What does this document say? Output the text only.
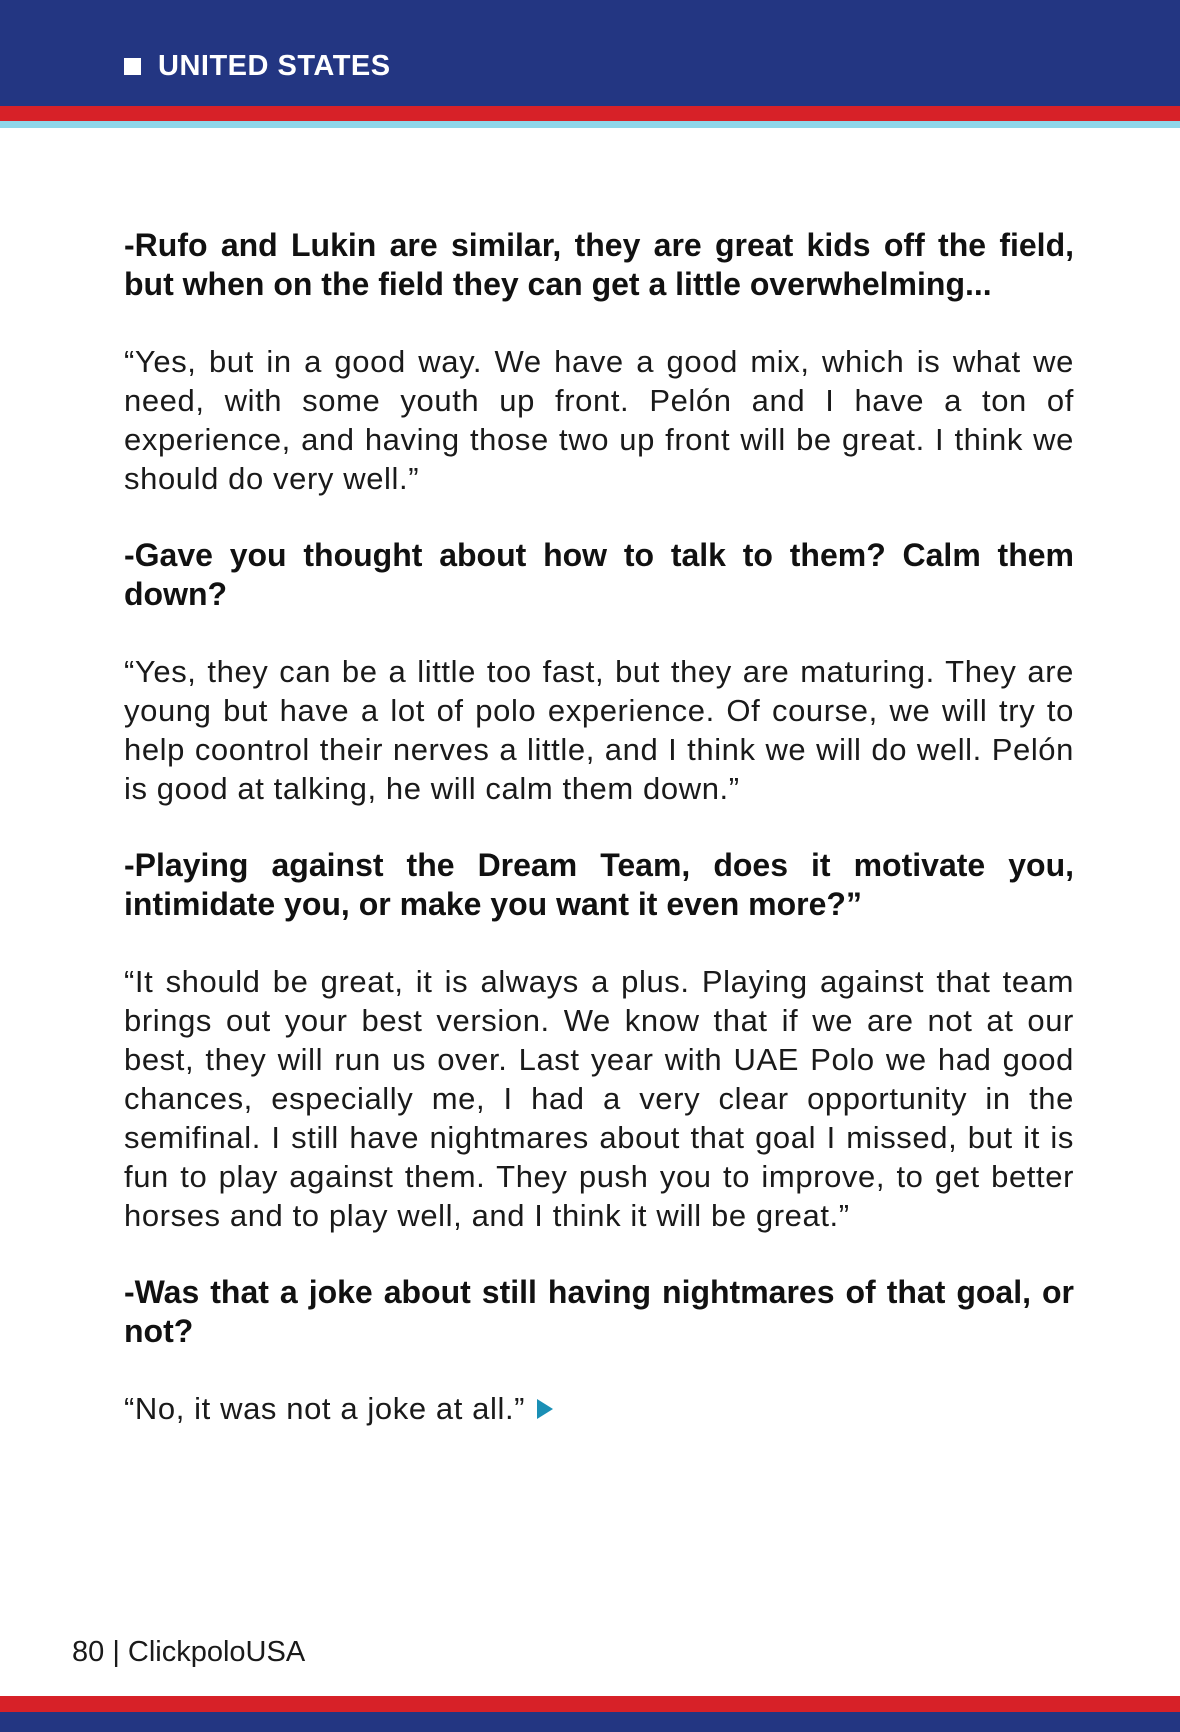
UNITED STATES

-Rufo and Lukin are similar, they are great kids off the field, but when on the field they can get a little overwhelming...

“Yes, but in a good way. We have a good mix, which is what we need, with some youth up front. Pelón and I have a ton of experience, and having those two up front will be great. I think we should do very well.”

-Gave you thought about how to talk to them? Calm them down?

“Yes, they can be a little too fast, but they are maturing. They are young but have a lot of polo experience. Of course, we will try to help coontrol their nerves a little, and I think we will do well. Pelón is good at talking, he will calm them down.”

-Playing against the Dream Team, does it motivate you, intimidate you, or make you want it even more?”

“It should be great, it is always a plus. Playing against that team brings out your best version. We know that if we are not at our best, they will run us over. Last year with UAE Polo we had good chances, especially me, I had a very clear opportunity in the semifinal. I still have nightmares about that goal I missed, but it is fun to play against them. They push you to improve, to get better horses and to play well, and I think it will be great.”

-Was that a joke about still having nightmares of that goal, or not?

“No, it was not a joke at all.”

80 | ClickpoloUSA
